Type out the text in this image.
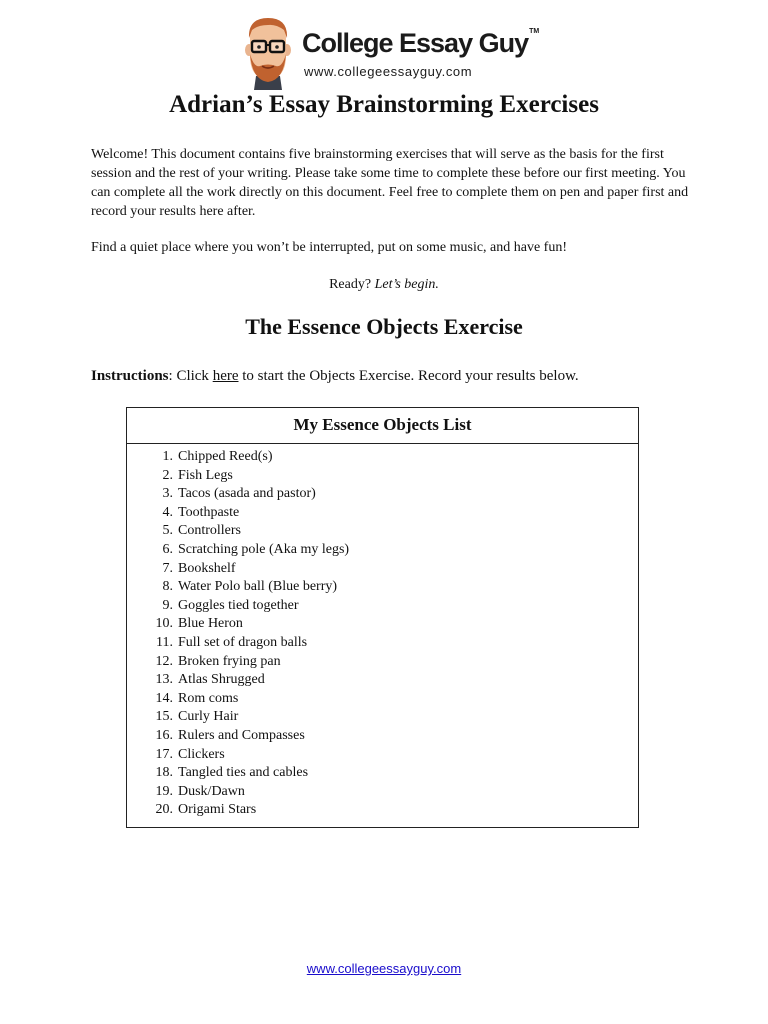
College Essay Guy™
www.collegeessayguy.com
Adrian’s Essay Brainstorming Exercises

Welcome! This document contains five brainstorming exercises that will serve as the basis for the first session and the rest of your writing. Please take some time to complete these before our first meeting. You can complete all the work directly on this document. Feel free to complete them on pen and paper first and record your results here after.

Find a quiet place where you won’t be interrupted, put on some music, and have fun!

Ready? Let’s begin.

The Essence Objects Exercise

Instructions: Click here to start the Objects Exercise. Record your results below.

My Essence Objects List
1. Chipped Reed(s)
2. Fish Legs
3. Tacos (asada and pastor)
4. Toothpaste
5. Controllers
6. Scratching pole (Aka my legs)
7. Bookshelf
8. Water Polo ball (Blue berry)
9. Goggles tied together
10. Blue Heron
11. Full set of dragon balls
12. Broken frying pan
13. Atlas Shrugged
14. Rom coms
15. Curly Hair
16. Rulers and Compasses
17. Clickers
18. Tangled ties and cables
19. Dusk/Dawn
20. Origami Stars
www.collegeessayguy.com
